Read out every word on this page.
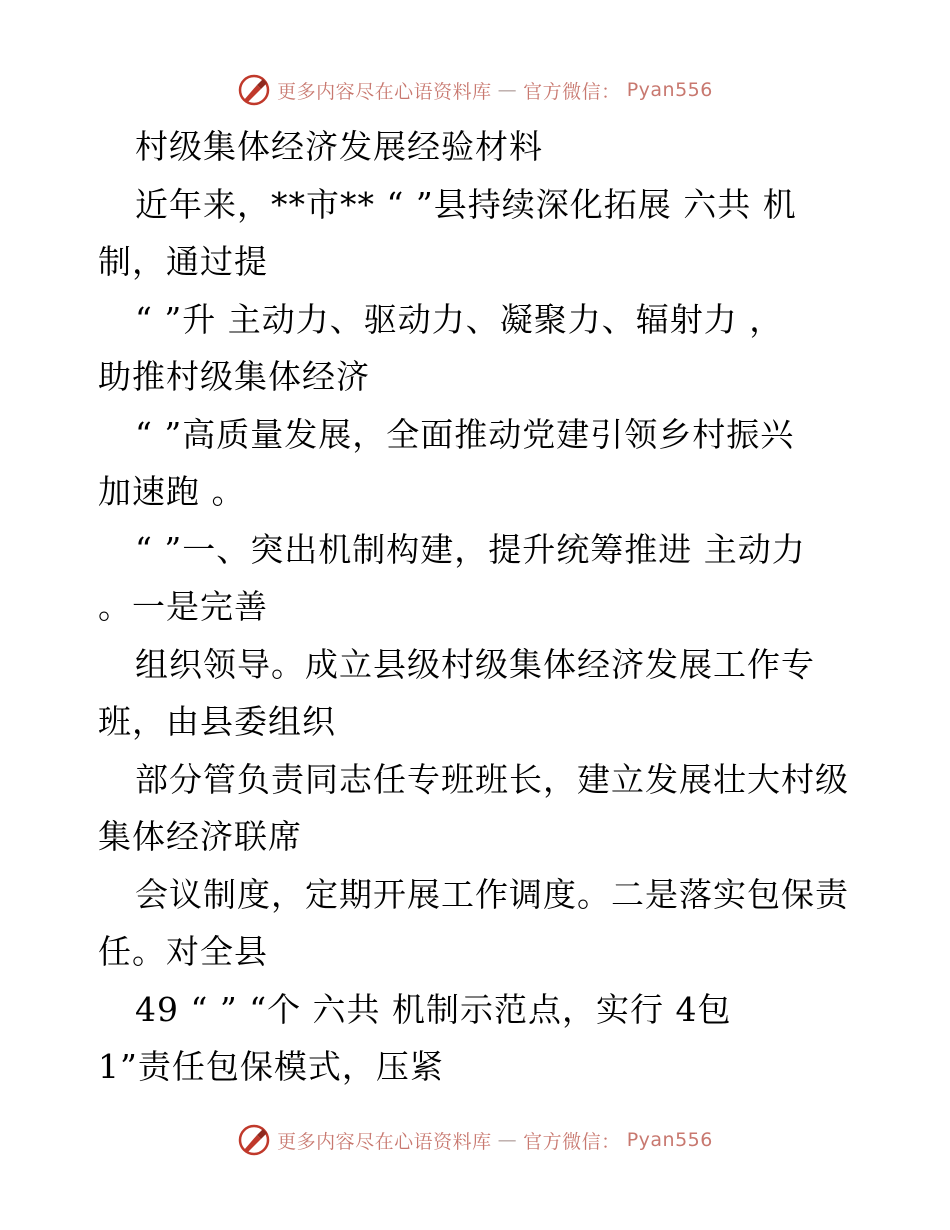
更多内容尽在心语资料库 — 官方微信： Pyan556
村级集体经济发展经验材料
近年来，**市** “ ”县持续深化拓展 六共 机
制，通过提
“ ”升 主动力、驱动力、凝聚力、辐射力 ，
助推村级集体经济
“ ”高质量发展，全面推动党建引领乡村振兴
加速跑 。
“ ”一、突出机制构建，提升统筹推进 主动力
。一是完善
组织领导。成立县级村级集体经济发展工作专
班，由县委组织
部分管负责同志任专班班长，建立发展壮大村级
集体经济联席
会议制度，定期开展工作调度。二是落实包保责
任。对全县
49 “ ” “个 六共 机制示范点，实行 4包
1”责任包保模式，压紧
更多内容尽在心语资料库 — 官方微信： Pyan556
